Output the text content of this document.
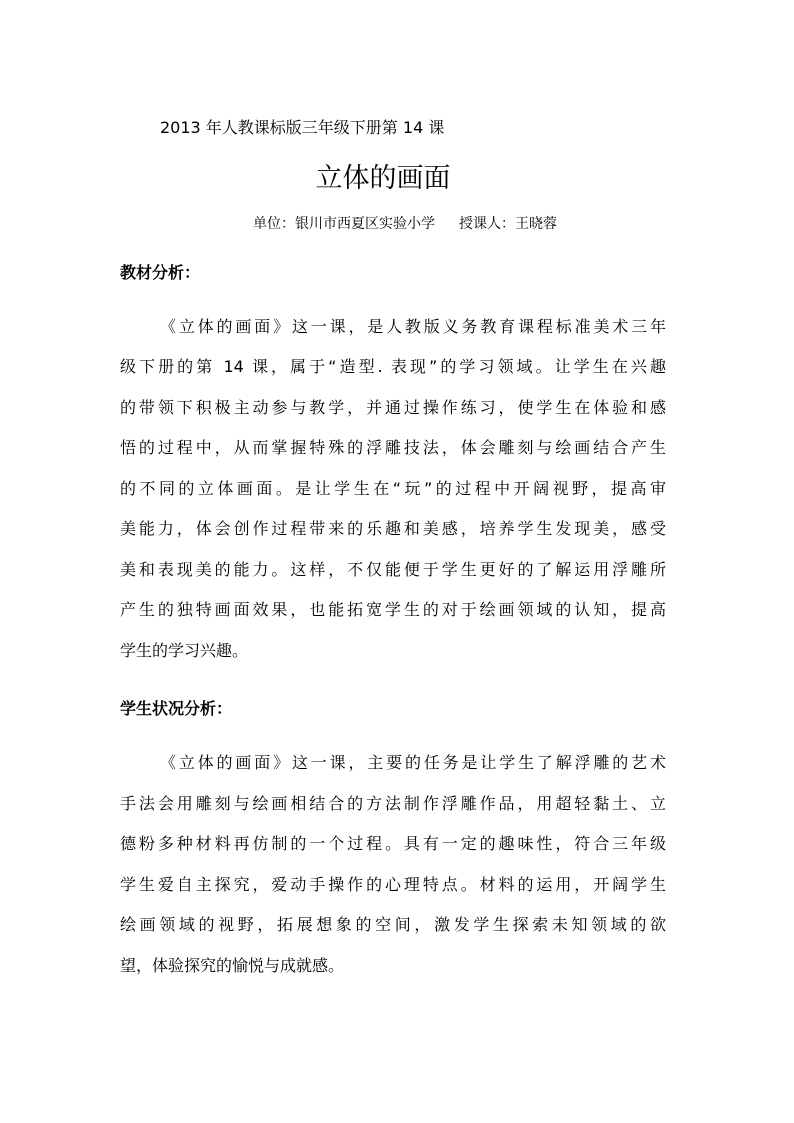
2013 年人教课标版三年级下册第 14 课
立体的画面
单位：银川市西夏区实验小学 授课人：王晓蓉
教材分析：
《立体的画面》这一课，是人教版义务教育课程标准美术三年
级下册的第 14 课，属于“造型. 表现”的学习领域。让学生在兴趣
的带领下积极主动参与教学，并通过操作练习，使学生在体验和感
悟的过程中，从而掌握特殊的浮雕技法，体会雕刻与绘画结合产生
的不同的立体画面。是让学生在“玩”的过程中开阔视野，提高审
美能力，体会创作过程带来的乐趣和美感，培养学生发现美，感受
美和表现美的能力。这样，不仅能便于学生更好的了解运用浮雕所
产生的独特画面效果，也能拓宽学生的对于绘画领域的认知，提高
学生的学习兴趣。
学生状况分析：
《立体的画面》这一课，主要的任务是让学生了解浮雕的艺术
手法会用雕刻与绘画相结合的方法制作浮雕作品，用超轻黏土、立
德粉多种材料再仿制的一个过程。具有一定的趣味性，符合三年级
学生爱自主探究，爱动手操作的心理特点。材料的运用，开阔学生
绘画领域的视野，拓展想象的空间，激发学生探索未知领域的欲
望，体验探究的愉悦与成就感。
